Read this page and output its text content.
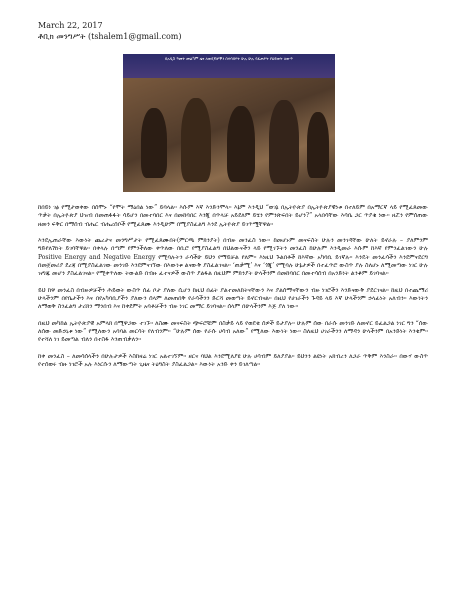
March 22, 2017
ቶቢክ መንግሥት (tshalem1@gmail.com)
በአዲስ ዓመት መልካም ዜና ለወዳጆቻችን በተባበሩት ሁሉ ሁሉ የፈጠሩት የህይወት ለውጥ

ከበይነ ገፅ የሚታወቀው በሰሞኑ “የሞት ማዕበል ነው” ይባላል፡፡ እሱም እኛ እንድንሞላ፡፡ እኔም እንዲህ “ወገኔ በኢትዮጵያ በኢትዮጵያዊነቱ በተለይም በአማርኛ ላይ የሚፈጸመው ጥቃት በኢትዮጵያ ህዝብ በመጠፋፋት ሳይሆን በመተባበር እና በመከባበር እንጂ በጥላቻ አይደለም ይሄን የምንጽፍበት ይሆን?” አላበሳቸው እሳቤ ጋር ጥያቄ ነው፡፡ ዘሯን የምሰጠው ዘመን ፍቅር በማሰብ ብሔር ብሔረሰቦች የሚፈጸሙ እንዲሁም በሚያስፈልግ እንደ ኢትዮጵያ ይገጥሟቸዋል፡፡

እንደኢጠራቸው እውነት ጨረታና መንግሥታት የሚፈጸሙበት(ምርጫ ምክንያት) በብዙ መንፈስ ነው፡፡ ከመሆኑም መናፍስት ሁሉን መንገዳቸው ሁለት ይኖራሉ – ያለምንም ግድየለሽነት ይገባቸዋል፡፡ በቀላሉ በጣም የምንችለው ቀጥለው በቢሮ የሚያስፈልግ በህልውናችን ላይ የሚገኙትን መንፈስ ከሁሉም እንዲመራ እሱም ከእኛ የምንፈልገውን ሁሉ Positive Energy and Negative Energy የሚባሉትን ራሳችሁ ይህን የማይቻል የለም፡፡ እነዚህ ጉልበቶች ከእኛው አካባቢ ይገኛሉ፡፡ እንዴት መንፈሳችን እንደምናደርግ በመጀመሪያ ደረጃ በሚያስፈልገው መንገድ እንደምናገኘው በእውነቱ ልናውቅ ያስፈልገናል፡፡ ‘ጠቃሚ’ እና ‘ጎጂ’ የሚባሉ ሁኔታዎች በተፈጥሮ ውስጥ ያሉ ስለሆኑ ለሚመጣው ነገር ሁሉ ዝግጁ መሆን ያስፈልገናል፡፡ የሚቀጥለው ትውልድ በብዙ ፈተናዎች ውስጥ ያልፋል በዚህም ምክንያት ሁላችንም በመከባበር በመተሳሰብ በአንድነት ልንቆም ይገባናል፡፡

ይህ ከዋ መንፈስ በብዙዎቻችን ሕይወት ውስጥ ሰፊ ቦታ ያለው ሲሆን ከዚህ በፊት ያልተመለከትናቸውን እና ያልሰማናቸውን ብዙ ነገሮችን እንድናውቅ ያደርገናል፡፡ ከዚህ በተጨማሪ ሁላችንም በየቤታችን እና በየአካባቢያችን ያለውን ሰላም ለመጠበቅ የራሳችንን ድርሻ መወጣት ይኖርብናል፡፡ በዚህ የሀገራችን ጉዳይ ላይ እኛ ሁላችንም ኃላፊነት አለብን፡፡ እውነትን ለማወቅ ስንፈልግ ታሪክን ማንበብ እና ከቀደምት አባቶቻችን ብዙ ነገር መማር ይገባናል፡፡ ሰላም በሁላችንም እጅ ያለ ነው፡፡

በዚህ መካከል ኢትዮጵያዊ አምላክ በሚዋጋው ተገኙ፡፡ ለስሙ መናፍስት ጭፍሮቹም በስቃይ ላይ የወደቁ ሰዎች ይታያሉ፡፡ ሁሉም ሰው በራሱ መንገድ ለመኖር ይፈልጋል ነገር ግን “ሰው ለሰው መድኃኒቱ ነው” የሚለውን አባባል መርሳት የለብንም፡፡ “ሁሉም ሰው የራሱ ሀሳብ አለው” የሚለው እውነት ነው፡፡ ስለዚህ ሀገራችንን ለማዳን ሁላችንም በአንድነት እንቁም፡፡ የተሻለ ነገ ይመጣል ብለን በተስፋ እንጠብቃለን፡፡

ከቀ መንፈስ – ለመሳሰላችን በሁሉታዎች እስከዛሬ ነገር አልተገኘም፡፡ ዘርና ባህል እንደሚለያዩ ሁሉ ሀሳብም ይለያያል፡፡ ይህንን ልዩነት አክብረን ለጋራ ጥቅም እንስራ፡፡ በውሃ ውስጥ የተሰወሩ ብዙ ነገሮች አሉ እነርሱን ለማውጣት ጊዜና ትዕግስት ያስፈልጋል፡፡ እውነት አንድ ቀን ይገለጣል፡፡
